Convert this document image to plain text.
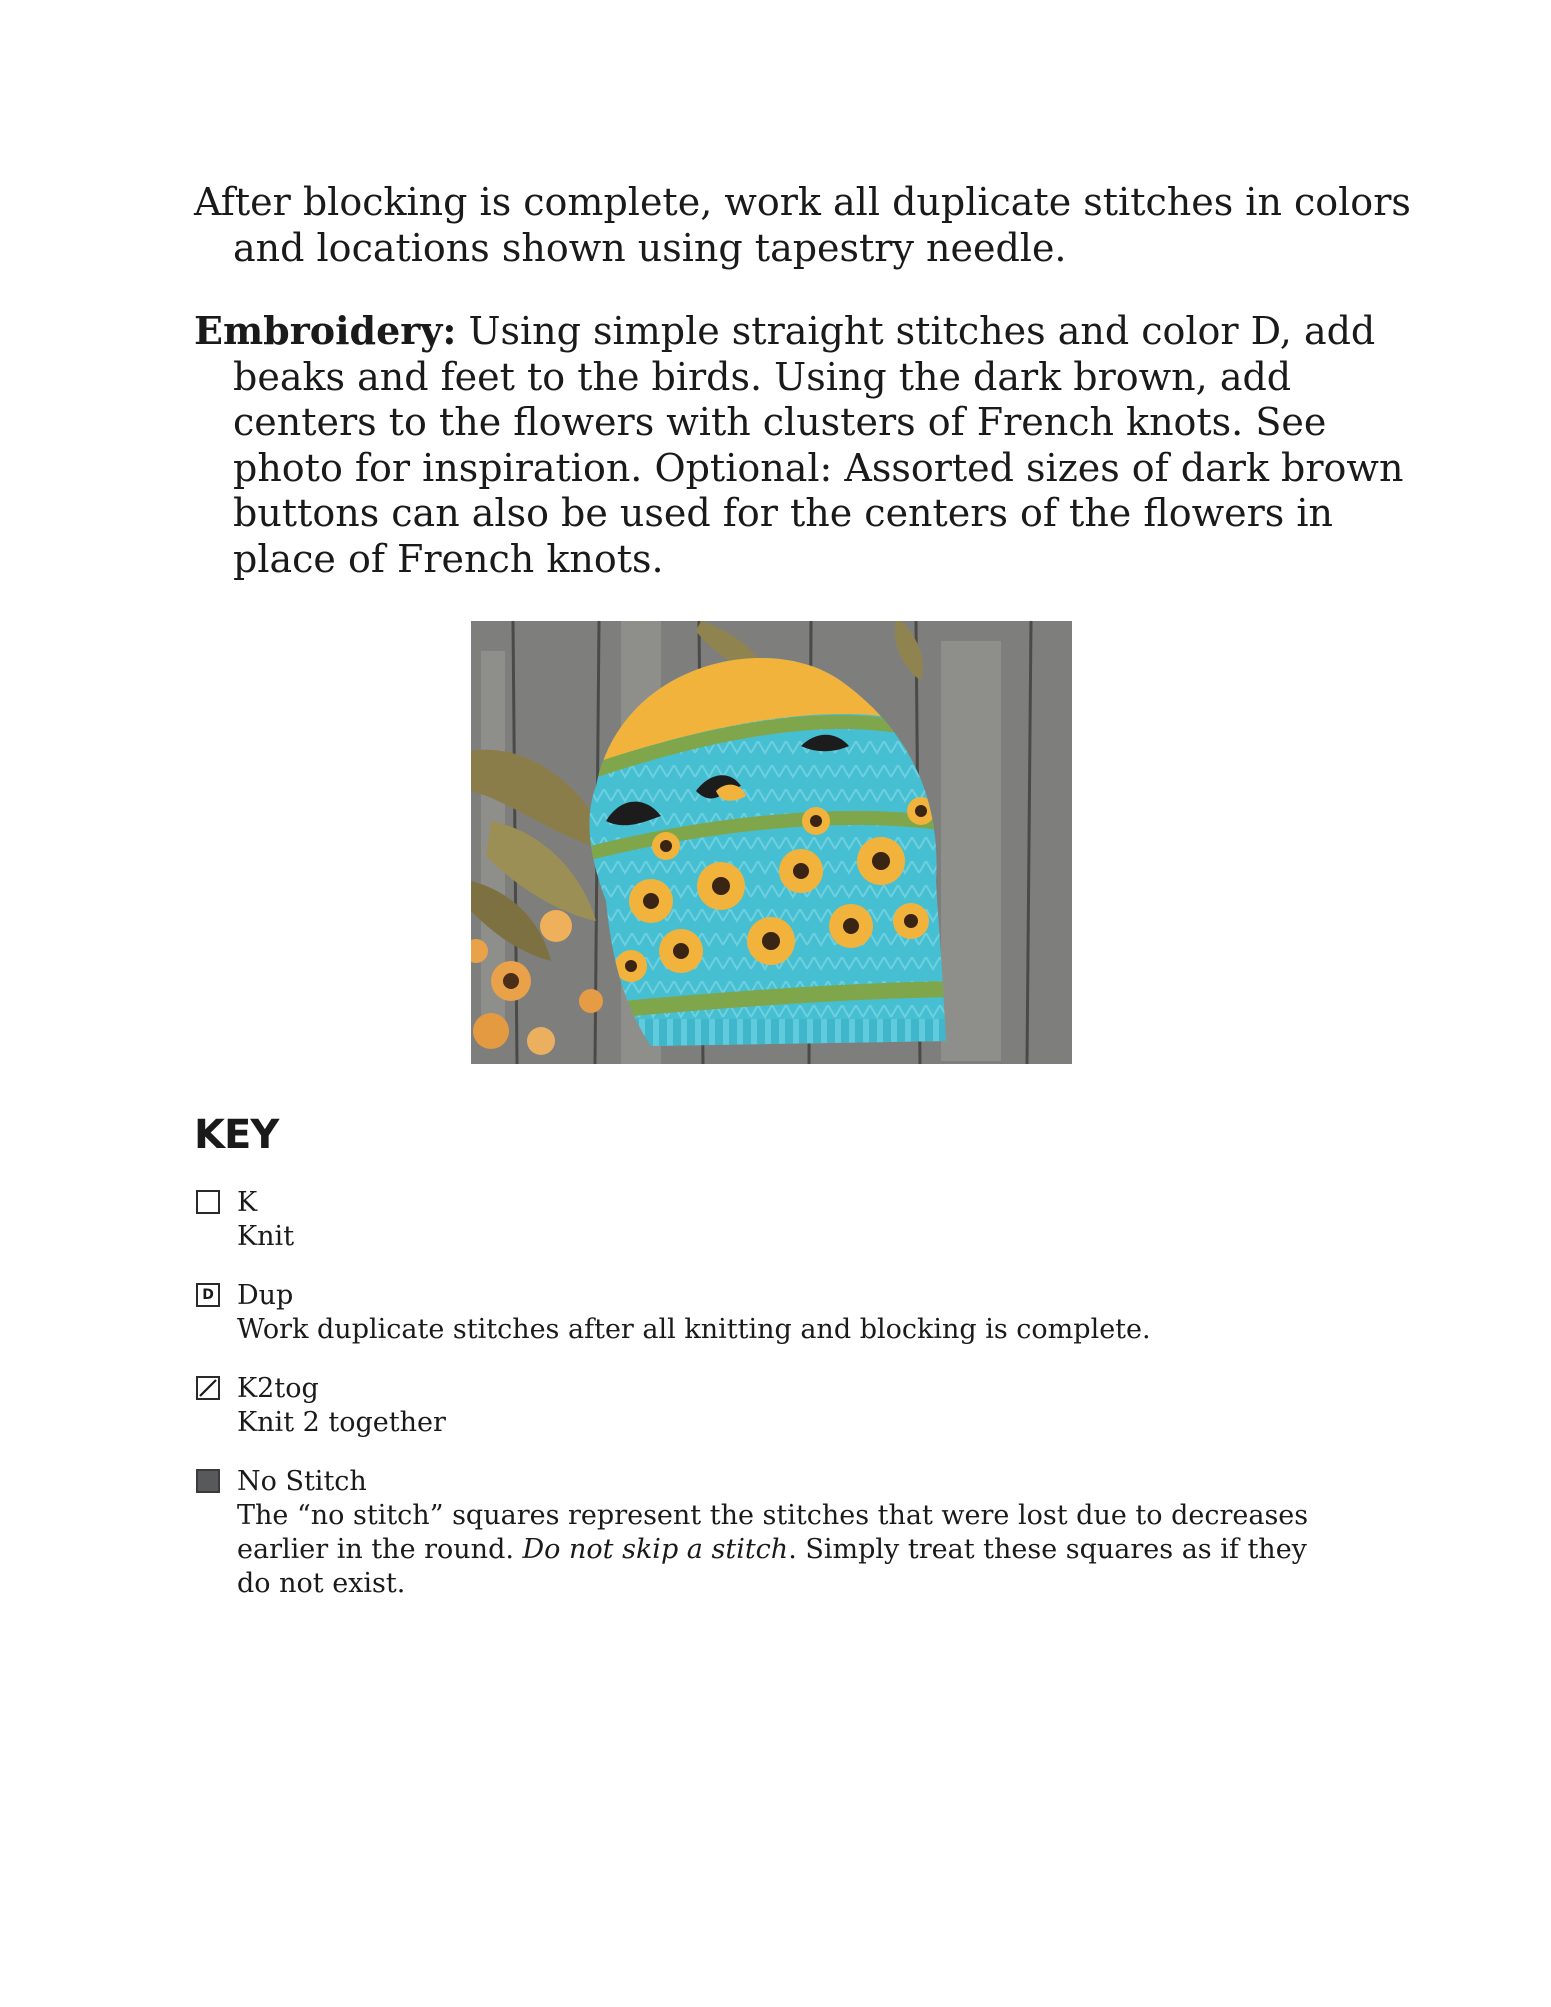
After blocking is complete, work all duplicate stitches in colors and locations shown using tapestry needle.
Embroidery: Using simple straight stitches and color D, add beaks and feet to the birds. Using the dark brown, add centers to the flowers with clusters of French knots. See photo for inspiration. Optional: Assorted sizes of dark brown buttons can also be used for the centers of the flowers in place of French knots.
KEY
K
Knit
D Dup
Work duplicate stitches after all knitting and blocking is complete.
K2tog
Knit 2 together
No Stitch
The “no stitch” squares represent the stitches that were lost due to decreases earlier in the round. Do not skip a stitch. Simply treat these squares as if they do not exist.
